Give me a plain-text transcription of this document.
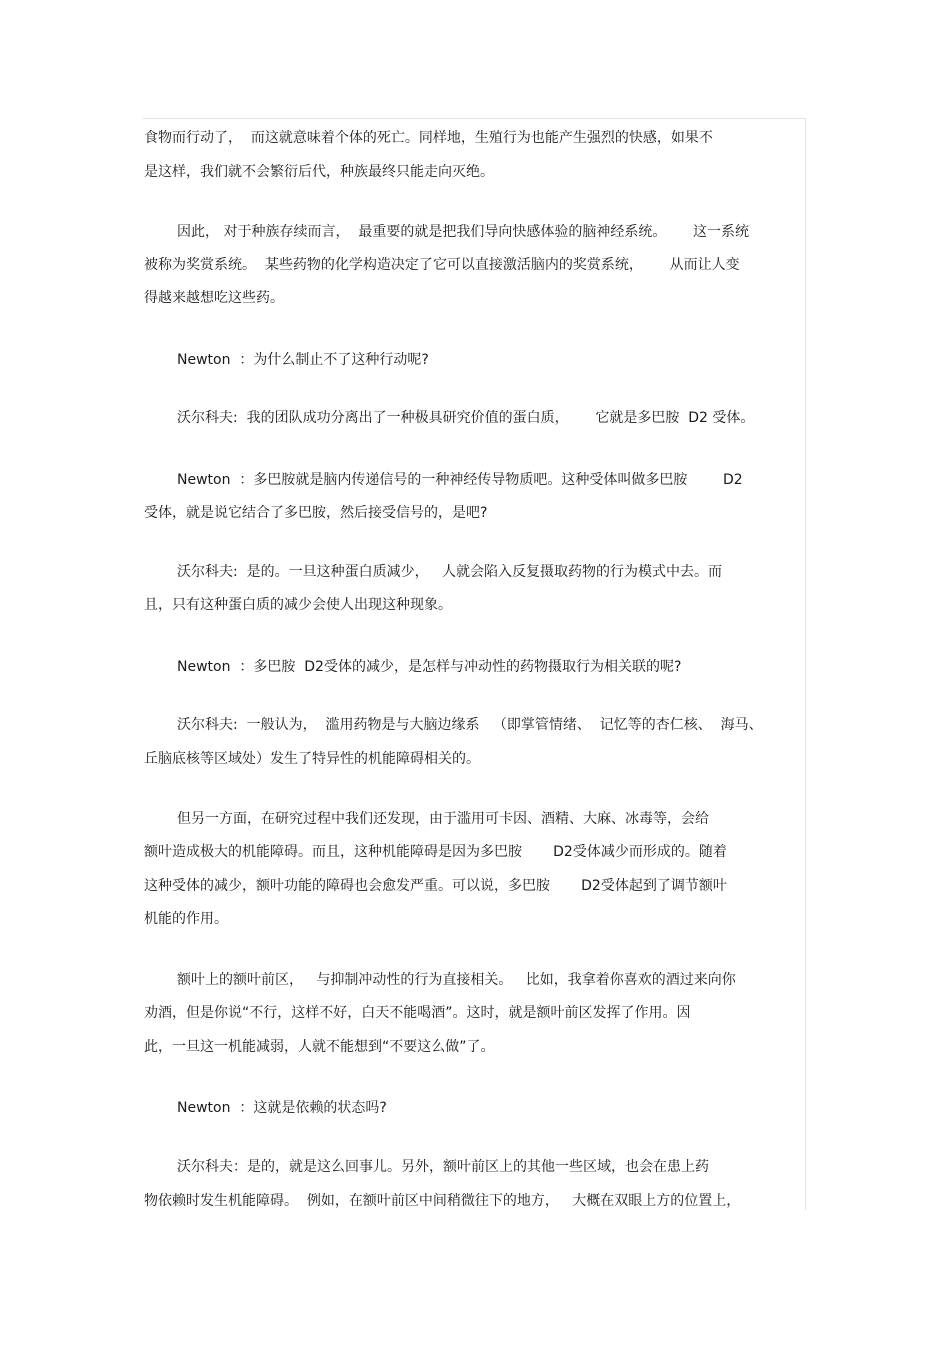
食物而行动了，  而这就意味着个体的死亡。同样地，生殖行为也能产生强烈的快感，如果不
是这样，我们就不会繁衍后代，种族最终只能走向灭绝。
因此， 对于种族存续而言，  最重要的就是把我们导向快感体验的脑神经系统。      这一系统
被称为奖赏系统。  某些药物的化学构造决定了它可以直接激活脑内的奖赏系统，      从而让人变
得越来越想吃这些药。
Newton  ：为什么制止不了这种行动呢?
沃尔科夫:  我的团队成功分离出了一种极具研究价值的蛋白质，      它就是多巴胺  D2 受体。
Newton  ：多巴胺就是脑内传递信号的一种神经传导物质吧。这种受体叫做多巴胺        D2
受体，就是说它结合了多巴胺，然后接受信号的，是吧?
沃尔科夫:  是的。一旦这种蛋白质减少，   人就会陷入反复摄取药物的行为模式中去。而
且，只有这种蛋白质的减少会使人出现这种现象。
Newton  ：多巴胺  D2受体的减少，是怎样与冲动性的药物摄取行为相关联的呢?
沃尔科夫:  一般认为，  滥用药物是与大脑边缘系   （即掌管情绪、  记忆等的杏仁核、  海马、
丘脑底核等区域处）发生了特异性的机能障碍相关的。
但另一方面，在研究过程中我们还发现，由于滥用可卡因、酒精、大麻、冰毒等，会给
额叶造成极大的机能障碍。而且，这种机能障碍是因为多巴胺       D2受体减少而形成的。随着
这种受体的减少，额叶功能的障碍也会愈发严重。可以说，多巴胺       D2受体起到了调节额叶
机能的作用。
额叶上的额叶前区，   与抑制冲动性的行为直接相关。   比如，我拿着你喜欢的酒过来向你
劝酒，但是你说“不行，这样不好，白天不能喝酒”。这时，就是额叶前区发挥了作用。因
此，一旦这一机能减弱，人就不能想到“不要这么做”了。
Newton  ：这就是依赖的状态吗?
沃尔科夫：是的，就是这么回事儿。另外，额叶前区上的其他一些区域，也会在患上药
物依赖时发生机能障碍。  例如，在额叶前区中间稍微往下的地方，   大概在双眼上方的位置上，
